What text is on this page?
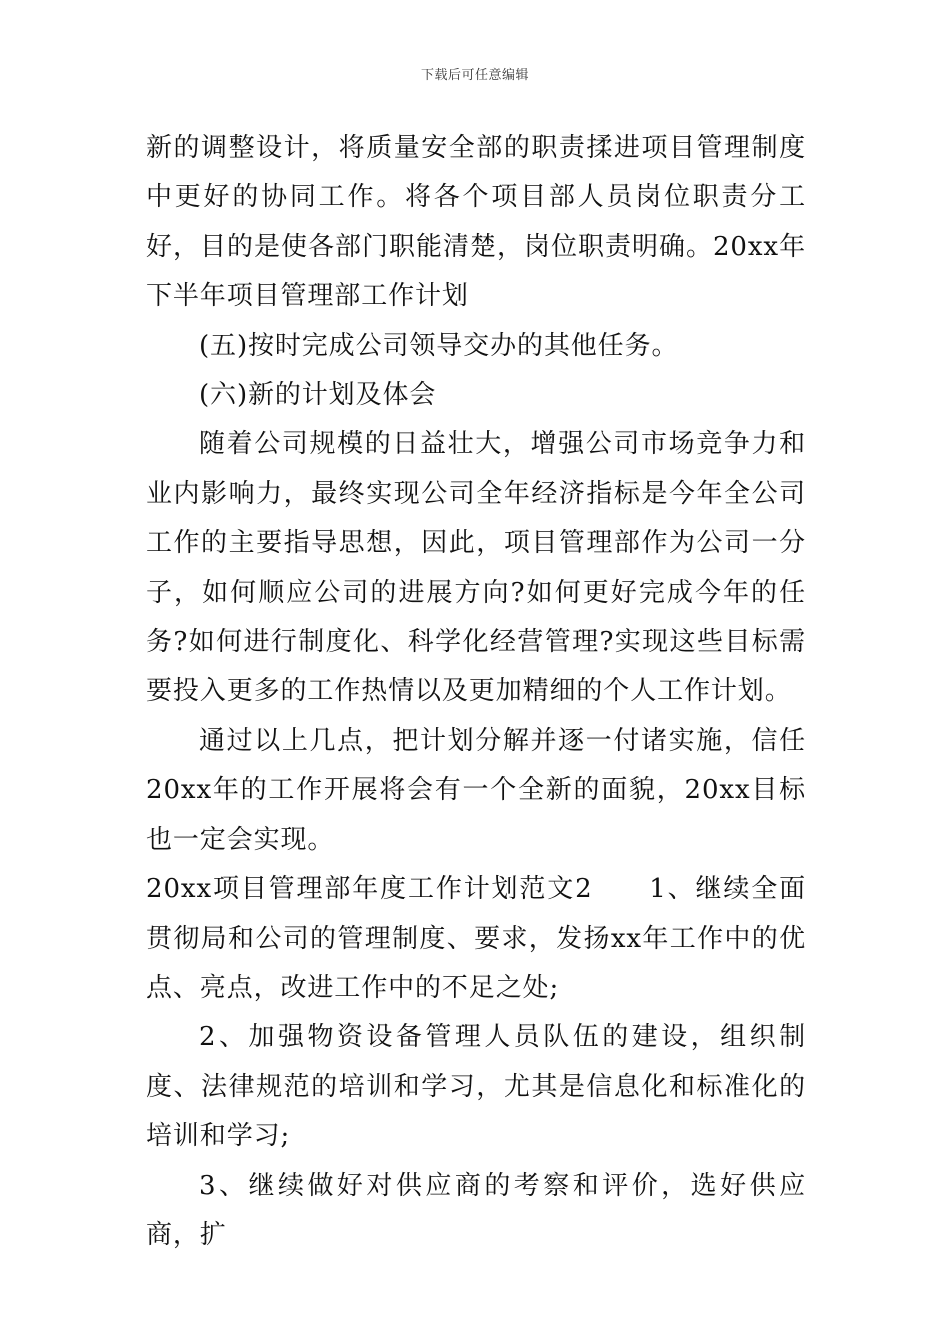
下载后可任意编辑

新的调整设计，将质量安全部的职责揉进项目管理制度中更好的协同工作。将各个项目部人员岗位职责分工好，目的是使各部门职能清楚，岗位职责明确。20xx年下半年项目管理部工作计划

(五)按时完成公司领导交办的其他任务。

(六)新的计划及体会

随着公司规模的日益壮大，增强公司市场竞争力和业内影响力，最终实现公司全年经济指标是今年全公司工作的主要指导思想，因此，项目管理部作为公司一分子，如何顺应公司的进展方向?如何更好完成今年的任务?如何进行制度化、科学化经营管理?实现这些目标需要投入更多的工作热情以及更加精细的个人工作计划。

通过以上几点，把计划分解并逐一付诸实施，信任20xx年的工作开展将会有一个全新的面貌，20xx目标也一定会实现。

20xx项目管理部年度工作计划范文2　　1、继续全面贯彻局和公司的管理制度、要求，发扬xx年工作中的优点、亮点，改进工作中的不足之处;

2、加强物资设备管理人员队伍的建设，组织制度、法律规范的培训和学习，尤其是信息化和标准化的培训和学习;

3、继续做好对供应商的考察和评价，选好供应商，扩
